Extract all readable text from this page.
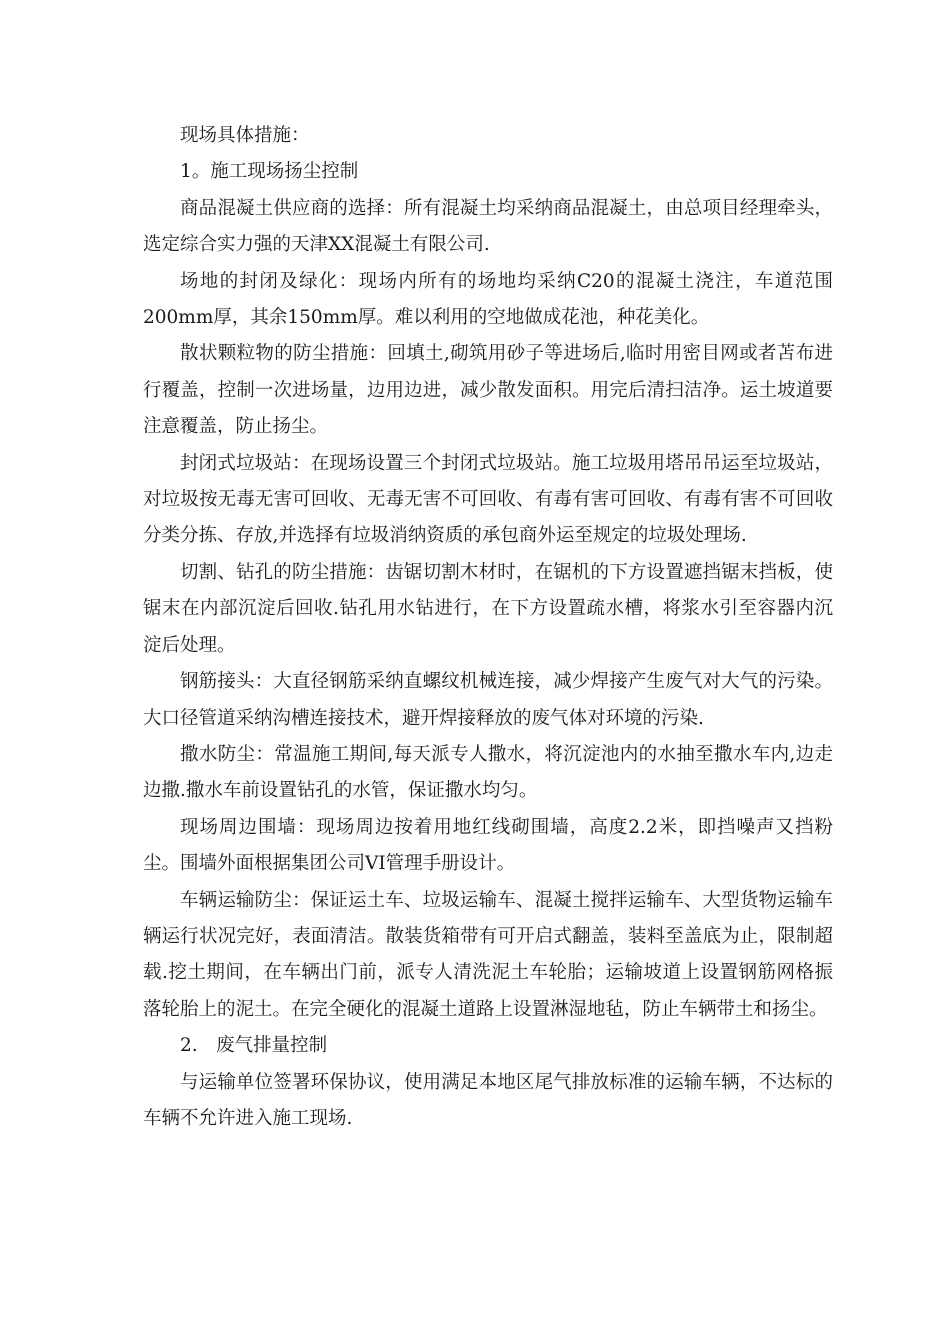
现场具体措施：

1。施工现场扬尘控制

商品混凝土供应商的选择：所有混凝土均采纳商品混凝土，由总项目经理牵头，选定综合实力强的天津XX混凝土有限公司.

场地的封闭及绿化：现场内所有的场地均采纳C20的混凝土浇注，车道范围200mm厚，其余150mm厚。难以利用的空地做成花池，种花美化。

散状颗粒物的防尘措施：回填土,砌筑用砂子等进场后,临时用密目网或者苫布进行覆盖，控制一次进场量，边用边进，减少散发面积。用完后清扫洁净。运土坡道要注意覆盖，防止扬尘。

封闭式垃圾站：在现场设置三个封闭式垃圾站。施工垃圾用塔吊吊运至垃圾站，对垃圾按无毒无害可回收、无毒无害不可回收、有毒有害可回收、有毒有害不可回收分类分拣、存放,并选择有垃圾消纳资质的承包商外运至规定的垃圾处理场.

切割、钻孔的防尘措施：齿锯切割木材时，在锯机的下方设置遮挡锯末挡板，使锯末在内部沉淀后回收.钻孔用水钻进行，在下方设置疏水槽，将浆水引至容器内沉淀后处理。

钢筋接头：大直径钢筋采纳直螺纹机械连接，减少焊接产生废气对大气的污染。大口径管道采纳沟槽连接技术，避开焊接释放的废气体对环境的污染.

撒水防尘：常温施工期间,每天派专人撒水，将沉淀池内的水抽至撒水车内,边走边撒.撒水车前设置钻孔的水管，保证撒水均匀。

现场周边围墙：现场周边按着用地红线砌围墙，高度2.2米，即挡噪声又挡粉尘。围墙外面根据集团公司VI管理手册设计。

车辆运输防尘：保证运土车、垃圾运输车、混凝土搅拌运输车、大型货物运输车辆运行状况完好，表面清洁。散装货箱带有可开启式翻盖，装料至盖底为止，限制超载.挖土期间，在车辆出门前，派专人清洗泥土车轮胎；运输坡道上设置钢筋网格振落轮胎上的泥土。在完全硬化的混凝土道路上设置淋湿地毡，防止车辆带土和扬尘。

2.　废气排量控制

与运输单位签署环保协议，使用满足本地区尾气排放标准的运输车辆，不达标的车辆不允许进入施工现场.
